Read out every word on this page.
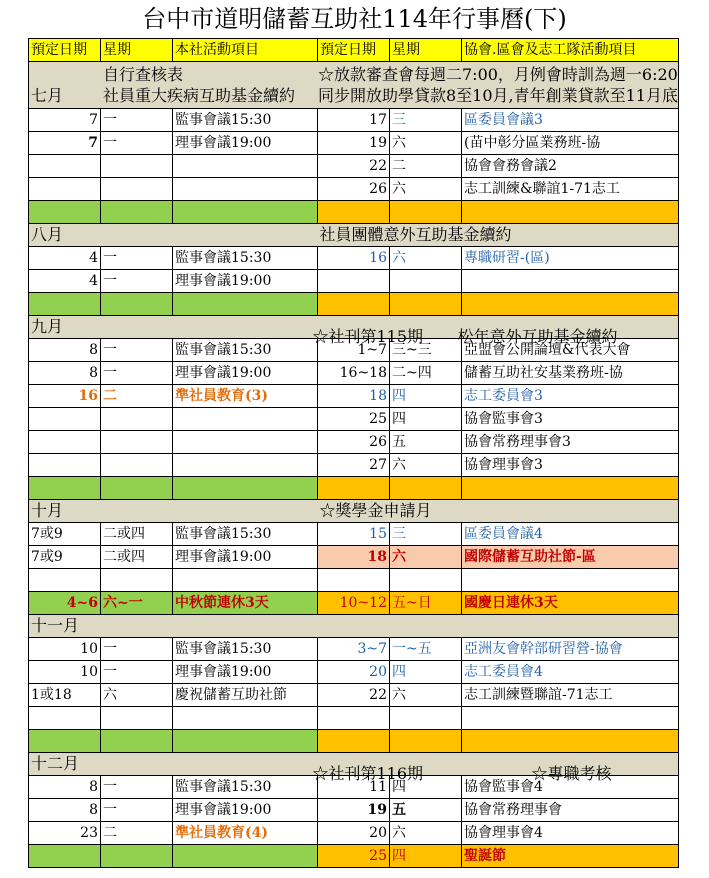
台中市道明儲蓄互助社114年行事曆(下)
預定日期	星期	本社活動項目	預定日期	星期	協會.區會及志工隊活動項目

七月
自行查核表
社員重大疾病互助基金續約
☆放款審查會每週二7:00，月例會時訓為週一6:20
同步開放助學貸款8至10月,青年創業貸款至11月底					

7	一	監事會議15:30	17	三	區委員會議3
7	一	理事會議19:00	19	六	(苗中彰分區業務班-協
			22	二	協會會務會議2
			26	六	志工訓練&聯誼1-71志工

八月			社員團體意外互助基金續約		
4	一	監事會議15:30	16	六	專職研習-(區)
4	一	理事會議19:00			

九月			☆社刊第115期 松年意外互助基金續約		

8	一	監事會議15:30	1~7	三~三	亞盟會公開論壇&代表大會
8	一	理事會議19:00	16~18	二~四	儲蓄互助社安基業務班-協
16	二	準社員教育(3)	18	四	志工委員會3
			25	四	協會監事會3
			26	五	協會常務理事會3
			27	六	協會理事會3

十月			☆獎學金申請月		
7或9	二或四	監事會議15:30	15	三	區委員會議4
7或9	二或四	理事會議19:00	18	六	國際儲蓄互助社節-區

4~6	六~一	中秋節連休3天	10~12	五~日	國慶日連休3天
十一月					
10	一	監事會議15:30	3~7	一~五	亞洲友會幹部研習營-協會
10	一	理事會議19:00	20	四	志工委員會4
1或18	六	慶祝儲蓄互助社節	22	六	志工訓練暨聯誼-71志工

十二月			☆社刊第116期 ☆專職考核		

8	一	監事會議15:30	11	四	協會監事會4
8	一	理事會議19:00	19	五	協會常務理事會
23	二	準社員教育(4)	20	六	協會理事會4
			25	四	聖誕節
